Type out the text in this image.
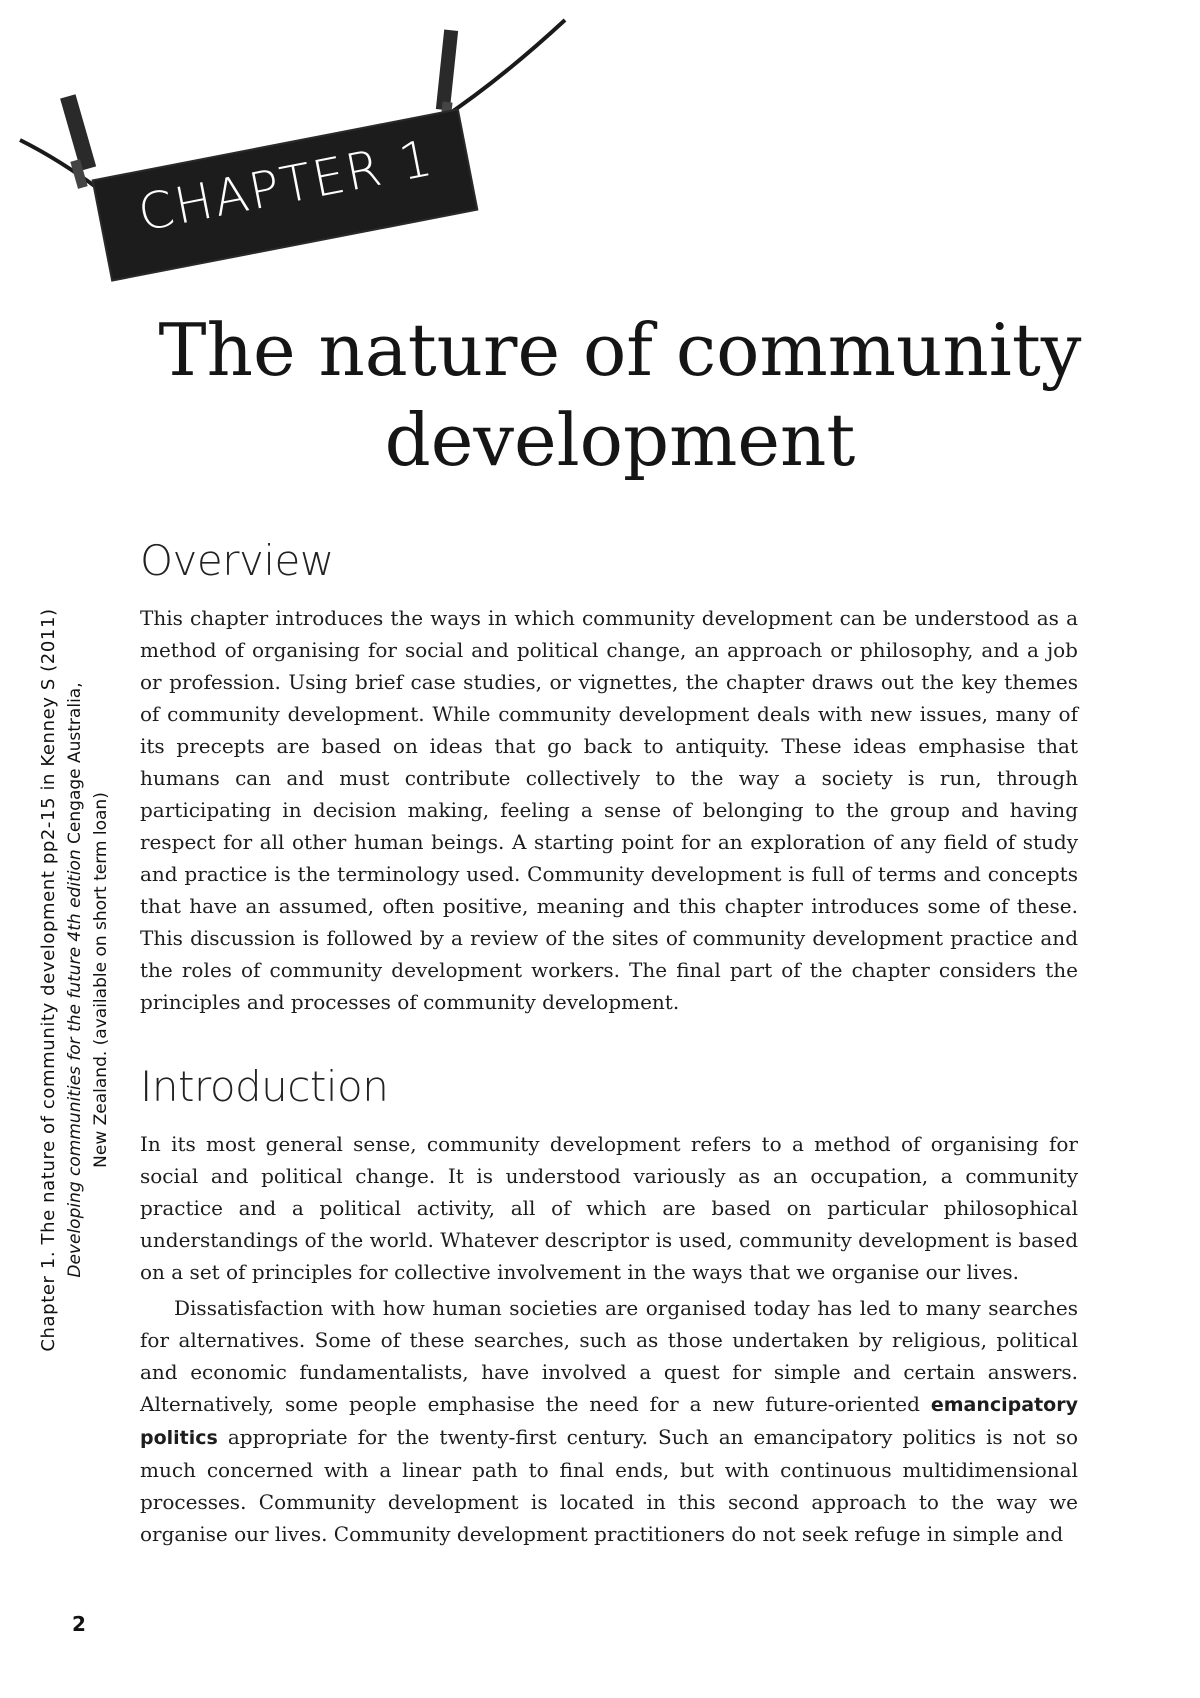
CHAPTER 1
The nature of community
development
Chapter 1. The nature of community development pp2-15 in Kenney S (2011) Developing communities for the future 4th edition Cengage Australia,
New Zealand. (available on short term loan)
Overview

This chapter introduces the ways in which community development can be understood as a method of organising for social and political change, an approach or philosophy, and a job or profession. Using brief case studies, or vignettes, the chapter draws out the key themes of community development. While community development deals with new issues, many of its precepts are based on ideas that go back to antiquity. These ideas emphasise that humans can and must contribute collectively to the way a society is run, through participating in decision making, feeling a sense of belonging to the group and having respect for all other human beings. A starting point for an exploration of any field of study and practice is the terminology used. Community development is full of terms and concepts that have an assumed, often positive, meaning and this chapter introduces some of these. This discussion is followed by a review of the sites of community development practice and the roles of community development workers. The final part of the chapter considers the principles and processes of community development.

Introduction

In its most general sense, community development refers to a method of organising for social and political change. It is understood variously as an occupation, a community practice and a political activity, all of which are based on particular philosophical understandings of the world. Whatever descriptor is used, community development is based on a set of principles for collective involvement in the ways that we organise our lives.

Dissatisfaction with how human societies are organised today has led to many searches for alternatives. Some of these searches, such as those undertaken by religious, political and economic fundamentalists, have involved a quest for simple and certain answers. Alternatively, some people emphasise the need for a new future-oriented emancipatory politics appropriate for the twenty-first century. Such an emancipatory politics is not so much concerned with a linear path to final ends, but with continuous multidimensional processes. Community development is located in this second approach to the way we organise our lives. Community development practitioners do not seek refuge in simple and

2
